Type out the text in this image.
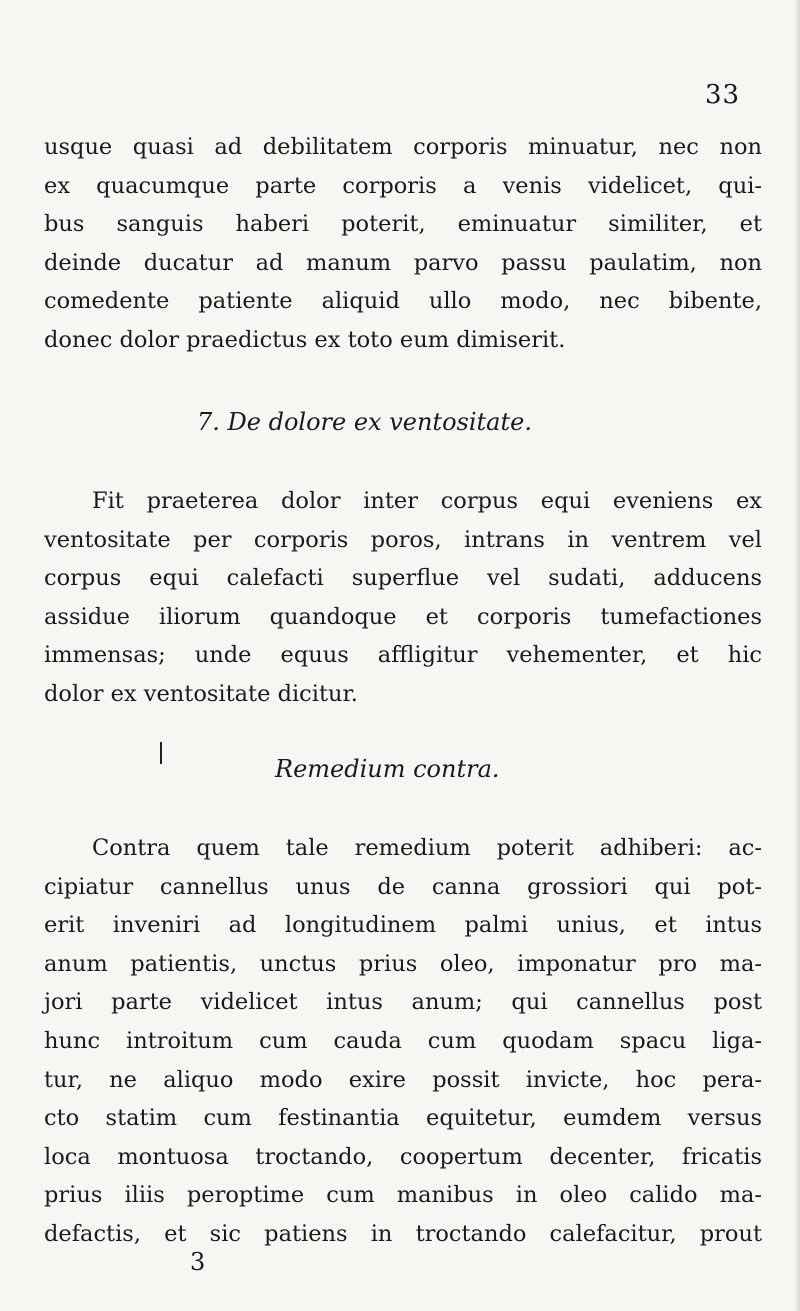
33
usque quasi ad debilitatem corporis minuatur, nec non
ex quacumque parte corporis a venis videlicet, qui-
bus sanguis haberi poterit, eminuatur similiter, et
deinde ducatur ad manum parvo passu paulatim, non
comedente patiente aliquid ullo modo, nec bibente,
donec dolor praedictus ex toto eum dimiserit.
7. De dolore ex ventositate.
Fit praeterea dolor inter corpus equi eveniens ex
ventositate per corporis poros, intrans in ventrem vel
corpus equi calefacti superflue vel sudati, adducens
assidue iliorum quandoque et corporis tumefactiones
immensas; unde equus affligitur vehementer, et hic
dolor ex ventositate dicitur.
Remedium contra.
Contra quem tale remedium poterit adhiberi: ac-
cipiatur cannellus unus de canna grossiori qui pot-
erit inveniri ad longitudinem palmi unius, et intus
anum patientis, unctus prius oleo, imponatur pro ma-
jori parte videlicet intus anum; qui cannellus post
hunc introitum cum cauda cum quodam spacu liga-
tur, ne aliquo modo exire possit invicte, hoc pera-
cto statim cum festinantia equitetur, eumdem versus
loca montuosa troctando, coopertum decenter, fricatis
prius iliis peroptime cum manibus in oleo calido ma-
defactis, et sic patiens in troctando calefacitur, prout
3
